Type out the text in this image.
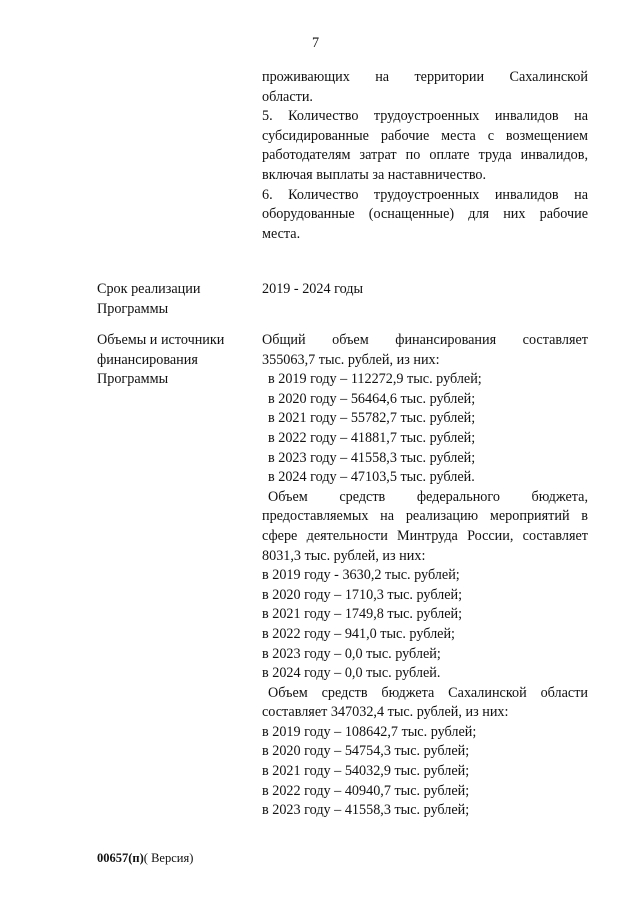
7
проживающих на территории Сахалинской
области.
5. Количество трудоустроенных инвалидов на
субсидированные рабочие места с возмещением
работодателям затрат по оплате труда инвалидов,
включая выплаты за наставничество.
6. Количество трудоустроенных инвалидов на
оборудованные (оснащенные) для них рабочие
места.
Срок реализации
Программы
2019 - 2024 годы
Объемы и источники
финансирования
Программы
Общий объем финансирования составляет
355063,7 тыс. рублей, из них:
в 2019 году – 112272,9 тыс. рублей;
в 2020 году – 56464,6 тыс. рублей;
в 2021 году – 55782,7 тыс. рублей;
в 2022 году – 41881,7 тыс. рублей;
в 2023 году – 41558,3 тыс. рублей;
в 2024 году – 47103,5 тыс. рублей.
Объем средств федерального бюджета,
предоставляемых на реализацию мероприятий в
сфере деятельности Минтруда России, составляет
8031,3 тыс. рублей, из них:
в 2019 году - 3630,2 тыс. рублей;
в 2020 году – 1710,3 тыс. рублей;
в 2021 году – 1749,8 тыс. рублей;
в 2022 году – 941,0 тыс. рублей;
в 2023 году – 0,0 тыс. рублей;
в 2024 году – 0,0 тыс. рублей.
Объем средств бюджета Сахалинской области
составляет 347032,4 тыс. рублей, из них:
в 2019 году – 108642,7 тыс. рублей;
в 2020 году – 54754,3 тыс. рублей;
в 2021 году – 54032,9 тыс. рублей;
в 2022 году – 40940,7 тыс. рублей;
в 2023 году – 41558,3 тыс. рублей;
00657(п)( Версия)
